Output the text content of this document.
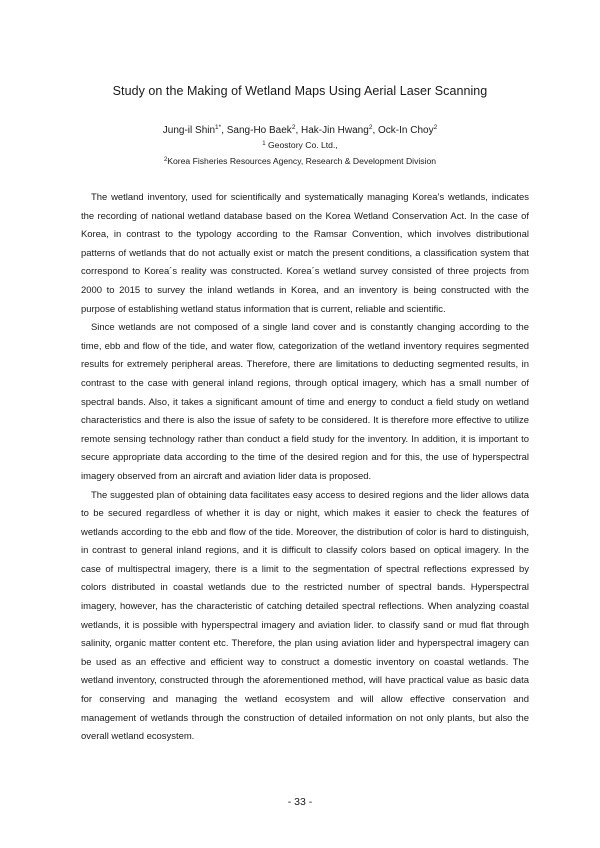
Study on the Making of Wetland Maps Using Aerial Laser Scanning
Jung-il Shin$^{1*}$, Sang-Ho Baek$^2$, Hak-Jin Hwang$^2$, Ock-In Choy$^2$
$^1$ Geostory Co. Ltd.,
$^2$Korea Fisheries Resources Agency, Research & Development Division

The wetland inventory, used for scientifically and systematically managing Korea’s wetlands, indicates the recording of national wetland database based on the Korea Wetland Conservation Act. In the case of Korea, in contrast to the typology according to the Ramsar Convention, which involves distributional patterns of wetlands that do not actually exist or match the present conditions, a classification system that correspond to Korea´s reality was constructed. Korea´s wetland survey consisted of three projects from 2000 to 2015 to survey the inland wetlands in Korea, and an inventory is being constructed with the purpose of establishing wetland status information that is current, reliable and scientific.

Since wetlands are not composed of a single land cover and is constantly changing according to the time, ebb and flow of the tide, and water flow, categorization of the wetland inventory requires segmented results for extremely peripheral areas. Therefore, there are limitations to deducting segmented results, in contrast to the case with general inland regions, through optical imagery, which has a small number of spectral bands. Also, it takes a significant amount of time and energy to conduct a field study on wetland characteristics and there is also the issue of safety to be considered. It is therefore more effective to utilize remote sensing technology rather than conduct a field study for the inventory. In addition, it is important to secure appropriate data according to the time of the desired region and for this, the use of hyperspectral imagery observed from an aircraft and aviation lider data is proposed.

The suggested plan of obtaining data facilitates easy access to desired regions and the lider allows data to be secured regardless of whether it is day or night, which makes it easier to check the features of wetlands according to the ebb and flow of the tide. Moreover, the distribution of color is hard to distinguish, in contrast to general inland regions, and it is difficult to classify colors based on optical imagery. In the case of multispectral imagery, there is a limit to the segmentation of spectral reflections expressed by colors distributed in coastal wetlands due to the restricted number of spectral bands. Hyperspectral imagery, however, has the characteristic of catching detailed spectral reflections. When analyzing coastal wetlands, it is possible with hyperspectral imagery and aviation lider. to classify sand or mud flat through salinity, organic matter content etc. Therefore, the plan using aviation lider and hyperspectral imagery can be used as an effective and efficient way to construct a domestic inventory on coastal wetlands. The wetland inventory, constructed through the aforementioned method, will have practical value as basic data for conserving and managing the wetland ecosystem and will allow effective conservation and management of wetlands through the construction of detailed information on not only plants, but also the overall wetland ecosystem.

- 33 -
